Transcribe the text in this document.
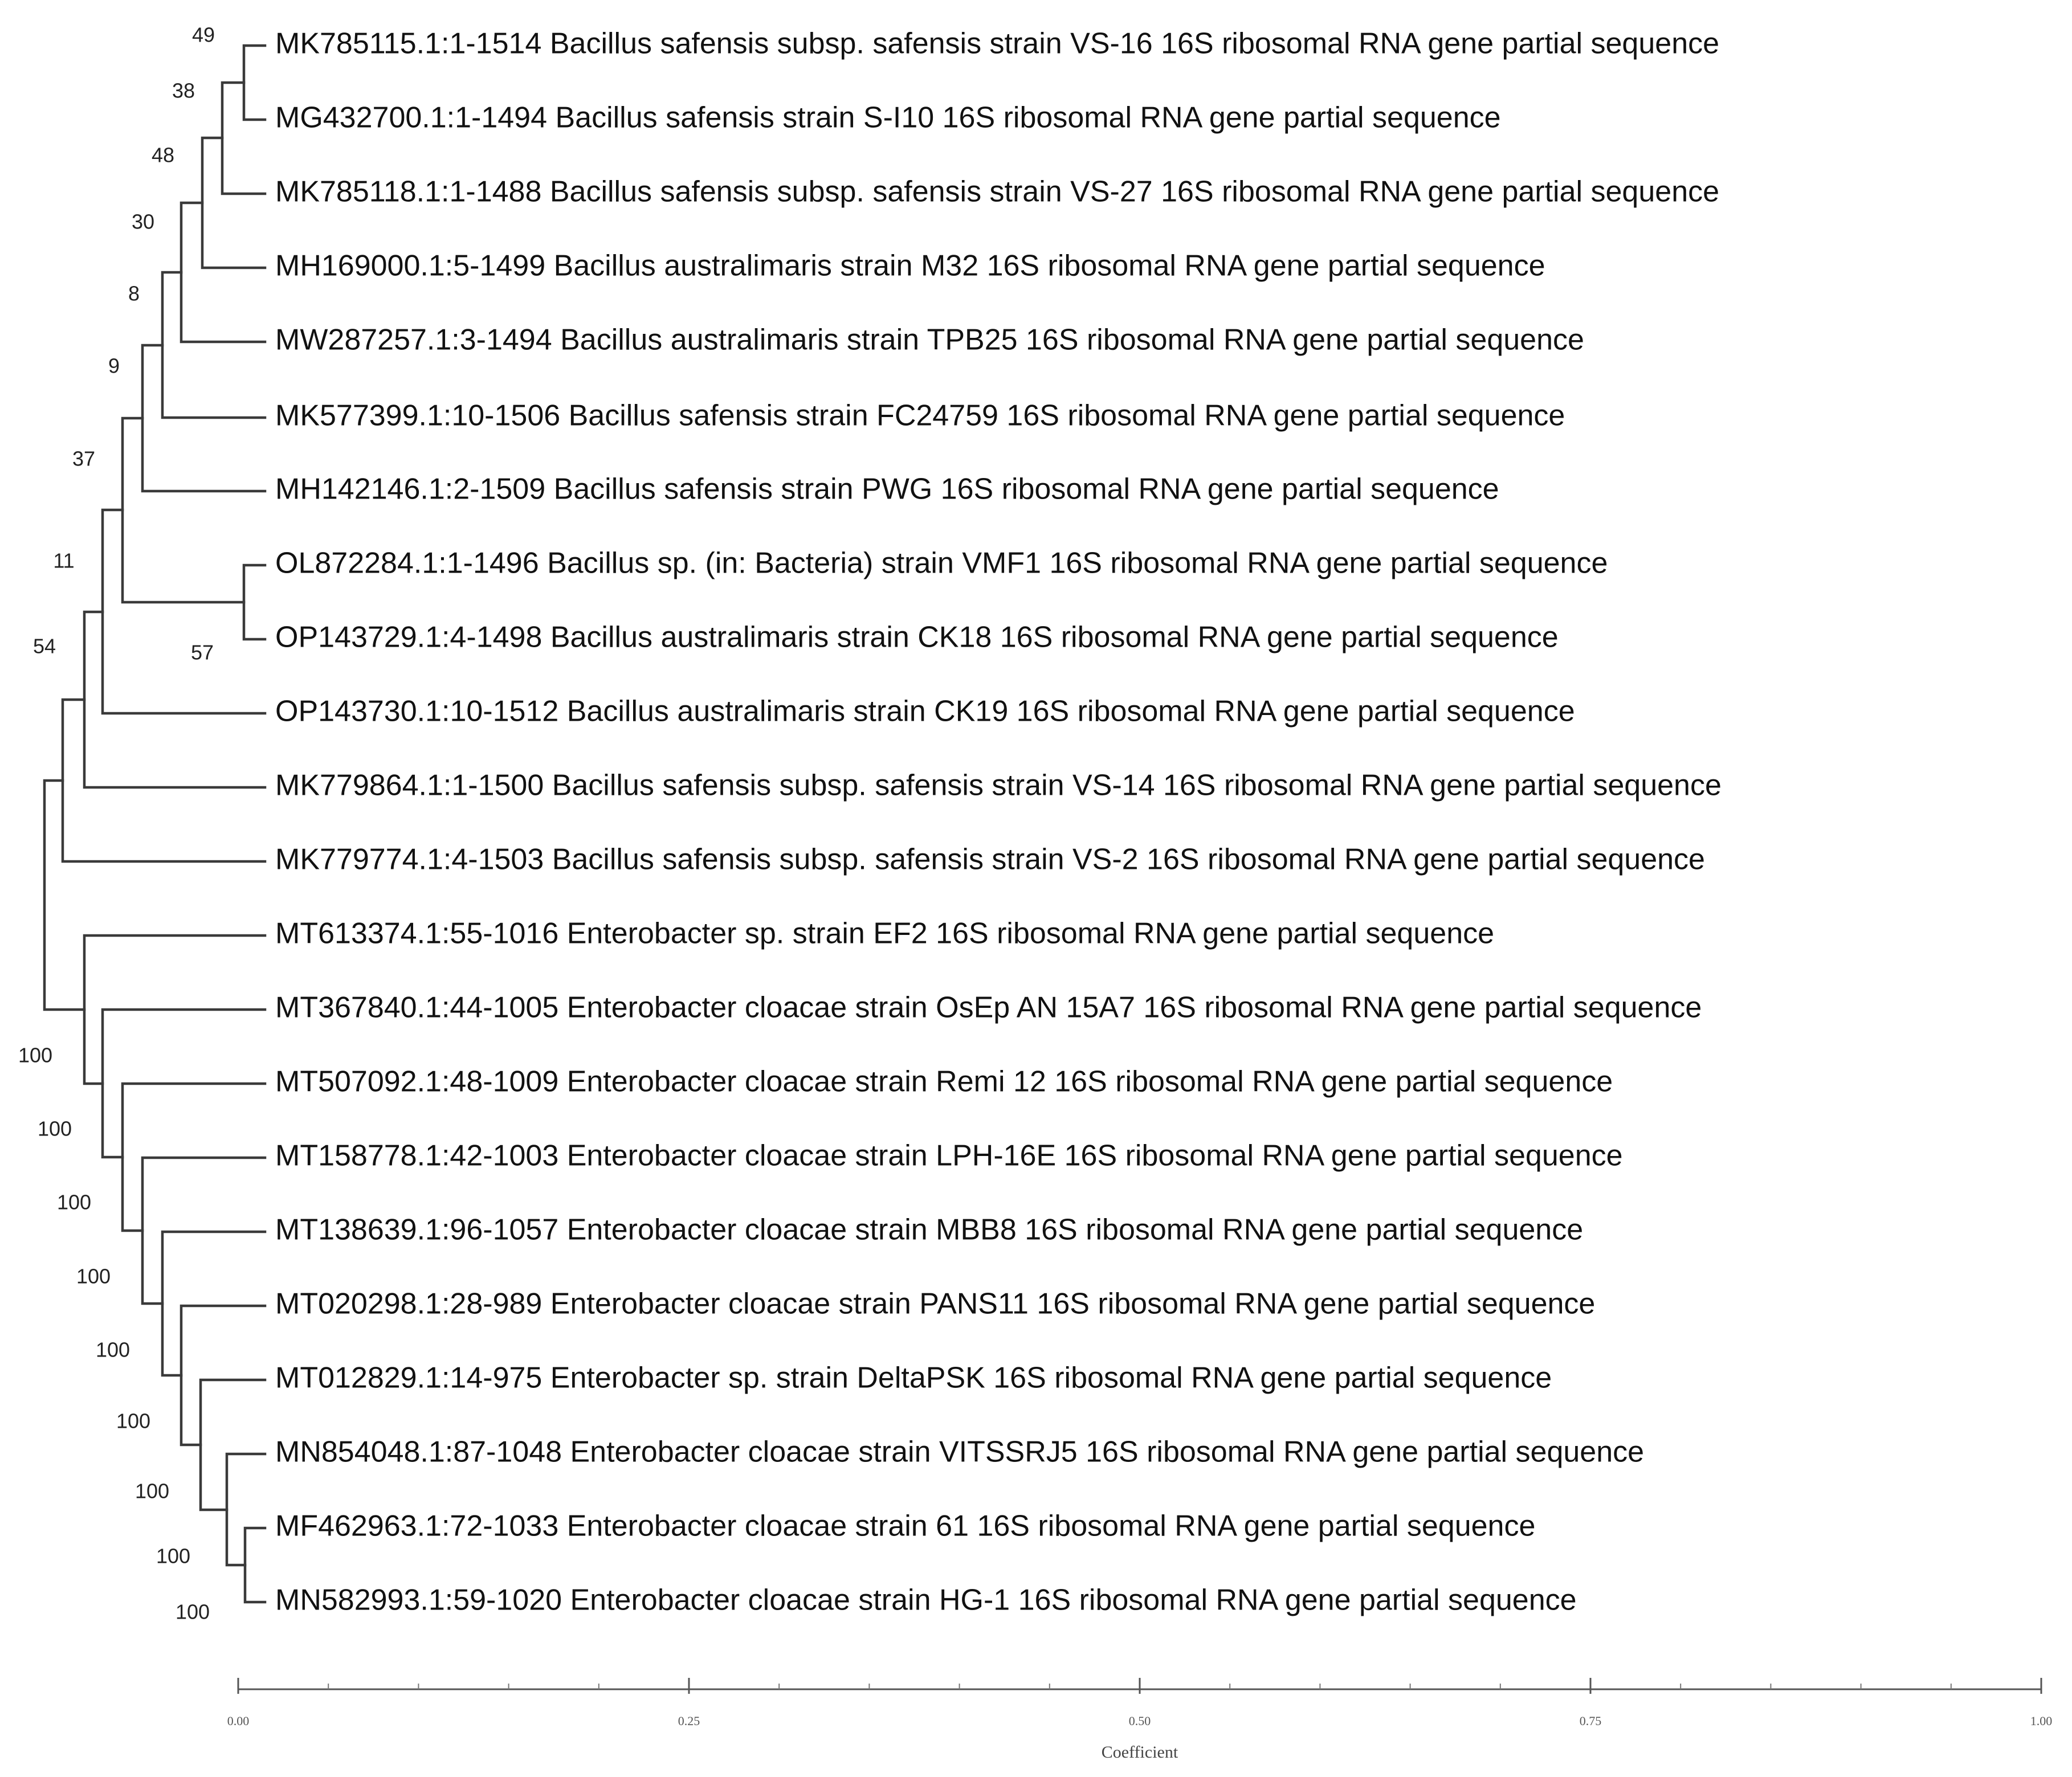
MK785115.1:1-1514 Bacillus safensis subsp. safensis strain VS-16 16S ribosomal RNA gene partial sequence
MG432700.1:1-1494 Bacillus safensis strain S-I10 16S ribosomal RNA gene partial sequence
MK785118.1:1-1488 Bacillus safensis subsp. safensis strain VS-27 16S ribosomal RNA gene partial sequence
MH169000.1:5-1499 Bacillus australimaris strain M32 16S ribosomal RNA gene partial sequence
MW287257.1:3-1494 Bacillus australimaris strain TPB25 16S ribosomal RNA gene partial sequence
MK577399.1:10-1506 Bacillus safensis strain FC24759 16S ribosomal RNA gene partial sequence
MH142146.1:2-1509 Bacillus safensis strain PWG 16S ribosomal RNA gene partial sequence
OL872284.1:1-1496 Bacillus sp. (in: Bacteria) strain VMF1 16S ribosomal RNA gene partial sequence
OP143729.1:4-1498 Bacillus australimaris strain CK18 16S ribosomal RNA gene partial sequence
OP143730.1:10-1512 Bacillus australimaris strain CK19 16S ribosomal RNA gene partial sequence
MK779864.1:1-1500 Bacillus safensis subsp. safensis strain VS-14 16S ribosomal RNA gene partial sequence
MK779774.1:4-1503 Bacillus safensis subsp. safensis strain VS-2 16S ribosomal RNA gene partial sequence
MT613374.1:55-1016 Enterobacter sp. strain EF2 16S ribosomal RNA gene partial sequence
MT367840.1:44-1005 Enterobacter cloacae strain OsEp AN 15A7 16S ribosomal RNA gene partial sequence
MT507092.1:48-1009 Enterobacter cloacae strain Remi 12 16S ribosomal RNA gene partial sequence
MT158778.1:42-1003 Enterobacter cloacae strain LPH-16E 16S ribosomal RNA gene partial sequence
MT138639.1:96-1057 Enterobacter cloacae strain MBB8 16S ribosomal RNA gene partial sequence
MT020298.1:28-989 Enterobacter cloacae strain PANS11 16S ribosomal RNA gene partial sequence
MT012829.1:14-975 Enterobacter sp. strain DeltaPSK 16S ribosomal RNA gene partial sequence
MN854048.1:87-1048 Enterobacter cloacae strain VITSSRJ5 16S ribosomal RNA gene partial sequence
MF462963.1:72-1033 Enterobacter cloacae strain 61 16S ribosomal RNA gene partial sequence
MN582993.1:59-1020 Enterobacter cloacae strain HG-1 16S ribosomal RNA gene partial sequence
49
38
48
30
8
9
37
11
54	57
100
100
100
100
100
100
100
100
100
0.00	0.25	0.50	0.75	1.00
Coefficient
